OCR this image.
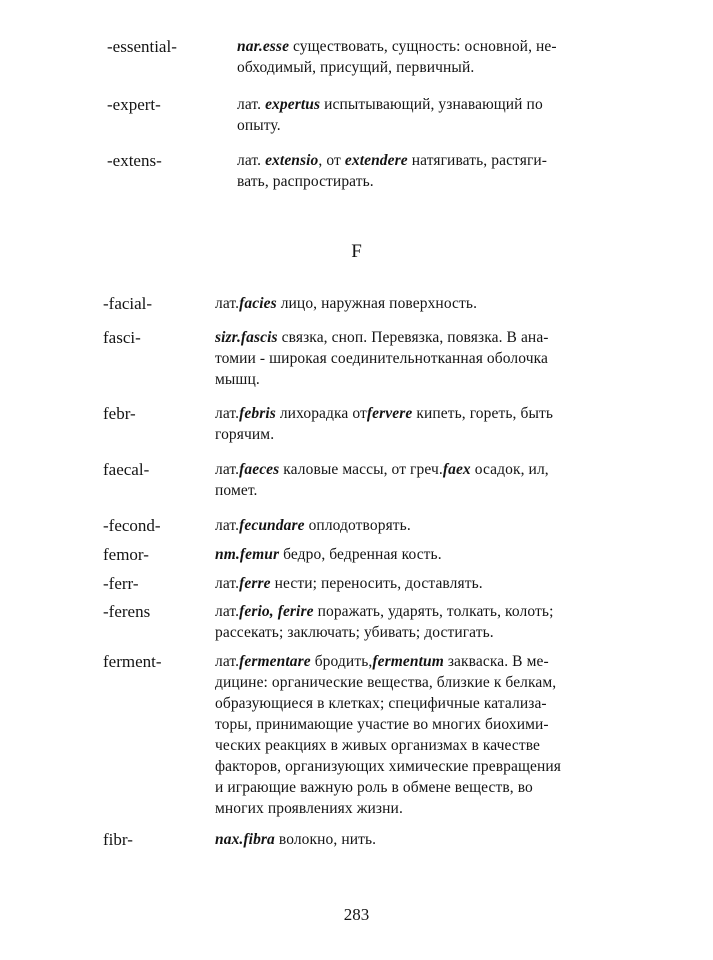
F
283
-essential-	nar.esse существовать, сущность: основной, не-
обходимый, присущий, первичный.
-expert-	лат. expertus испытывающий, узнавающий по
опыту.
-extens-	лат. extensio, от extendere натягивать, растяги-
вать, распростирать.
-facial-	лат.facies лицо, наружная поверхность.
fasci-	sizr.fascis связка, сноп. Перевязка, повязка. В ана-
томии - широкая соединительнотканная оболочка
мышц.
febr-	лат.febris лихорадка отfervere кипеть, гореть, быть
горячим.
faecal-	лат.faeces каловые массы, от греч.faex осадок, ил,
помет.
-fecond-	лат.fecundare оплодотворять.
femor-	nm.femur бедро, бедренная кость.
-ferr-	лат.ferre нести; переносить, доставлять.
-ferens	лат.ferio, ferire поражать, ударять, толкать, колоть;
рассекать; заключать; убивать; достигать.
ferment-	лат.fermentare бродить,fermentum закваска. В ме-
дицине: органические вещества, близкие к белкам,
образующиеся в клетках; специфичные катализа-
торы, принимающие участие во многих биохими-
ческих реакциях в живых организмах в качестве
факторов, организующих химические превращения
и играющие важную роль в обмене веществ, во
многих проявлениях жизни.
fibr-	nax.fibra волокно, нить.
